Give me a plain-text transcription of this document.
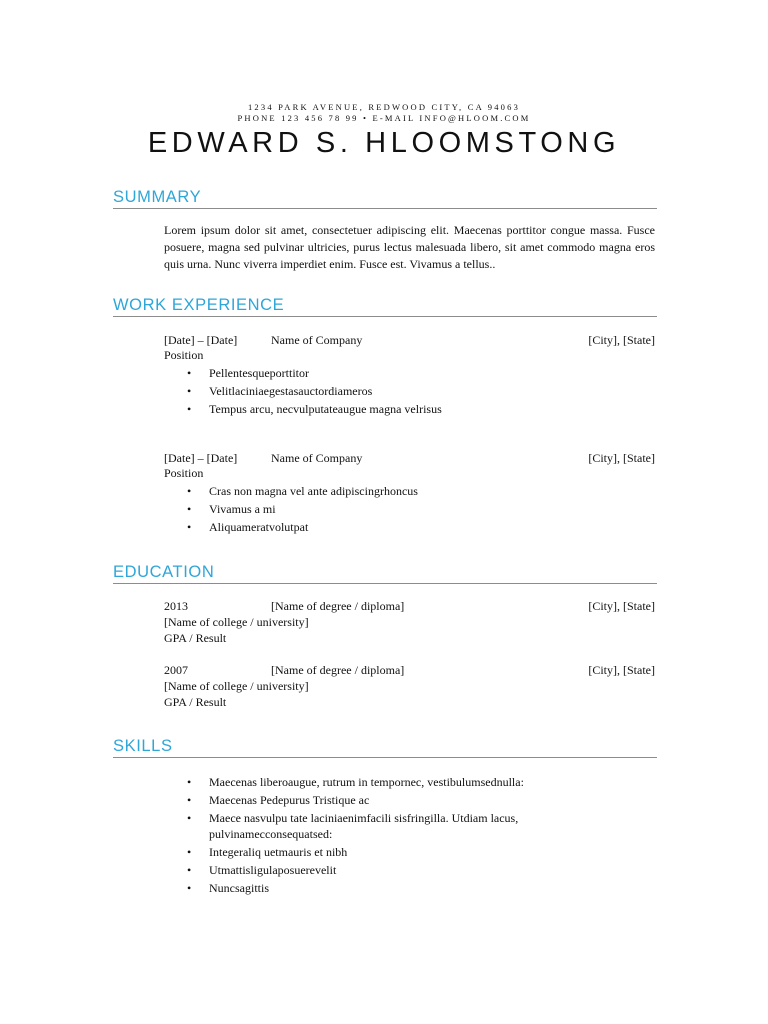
1234 PARK AVENUE, REDWOOD CITY, CA 94063
PHONE 123 456 78 99 • E-MAIL INFO@HLOOM.COM
EDWARD S. HLOOMSTONG
SUMMARY
Lorem ipsum dolor sit amet, consectetuer adipiscing elit. Maecenas porttitor congue massa. Fusce posuere, magna sed pulvinar ultricies, purus lectus malesuada libero, sit amet commodo magna eros quis urna. Nunc viverra imperdiet enim. Fusce est. Vivamus a tellus..
WORK EXPERIENCE
[Date] – [Date]	Name of Company	[City], [State]
Position
• Pellentesqueporttitor
• Velitlaciniaegestasauctordiameros
• Tempus arcu, necvulputateaugue magna velrisus
[Date] – [Date]	Name of Company	[City], [State]
Position
• Cras non magna vel ante adipiscingrhoncus
• Vivamus a mi
• Aliquameratvolutpat
EDUCATION
2013	[Name of degree / diploma]	[City], [State]
[Name of college / university]
GPA / Result
2007	[Name of degree / diploma]	[City], [State]
[Name of college / university]
GPA / Result
SKILLS
• Maecenas liberoaugue, rutrum in tempornec, vestibulumsednulla:
• Maecenas Pedepurus Tristique ac
• Maece nasvulpu tate laciniaenimfacili sisfringilla. Utdiam lacus, pulvinamecconsequatsed:
• Integeraliq uetmauris et nibh
• Utmattisligulaposuerevelit
• Nuncsagittis
